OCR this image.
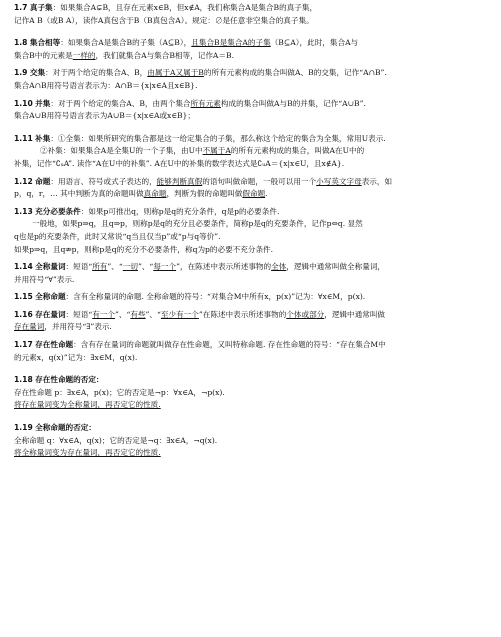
1.7 真子集：如果集合A⊊B，且存在元素x∈B，但x∉A，我们称集合A是集合B的真子集，
记作A B（或B A），读作A真包含于B（B真包含A）。规定：∅是任意非空集合的真子集。
1.8 集合相等：如果集合A是集合B的子集（A⊆B），且集合B是集合A的子集（B⊆A），此时，集合A与
集合B中的元素是一样的，我们就集合A与集合B相等，记作A＝B.
1.9 交集：对于两个给定的集合A、B，由属于A又属于B的所有元素构成的集合叫做A、B的交集，记作“A∩B”.
集合A∩B用符号语言表示为：A∩B＝{x|x∈A且x∈B}.
1.10 并集：对于两个给定的集合A、B，由两个集合所有元素构成的集合叫做A与B的并集，记作“A∪B”.
集合A∪B用符号语言表示为A∪B＝{x|x∈A或x∈B}；
1.11 补集：①全集：如果所研究的集合都是这一给定集合的子集，那么称这个给定的集合为全集，常用U表示.
②补集：如果集合A是全集U的一个子集，由U中不属于A的所有元素构成的集合，叫做A在U中的
补集，记作“∁ᵤA”. 读作“A在U中的补集”. A在U中的补集的数学表达式是∁ᵤA＝{x|x∈U，且x∉A}.
1.12 命题：用语言、符号或式子表达的，能够判断真假的语句叫做命题，一般可以用一个小写英文字母表示，如
p，q，r，… 其中判断为真的命题叫做真命题，判断为假的命题叫做假命题.
1.13 充分必要条件：如果p可推出q，则称p是q的充分条件，q是p的必要条件.
一般地，如果p⇒q，且q⇒p，则称p是q的充分且必要条件，简称p是q的充要条件，记作p⇔q. 显然
q也是p的充要条件，此时又常说“q当且仅当p”或“p与q等价”.
如果p⇒q，且q⇏p，则称p是q的充分不必要条件，称q为p的必要不充分条件.
1.14 全称量词：短语“所有”、“一切”、“每一个”，在陈述中表示所述事物的全体，逻辑中通常叫做全称量词，
并用符号“∀”表示.
1.15 全称命题：含有全称量词的命题. 全称命题的符号：“对集合M中所有x，p(x)”记为：∀x∈M，p(x).
1.16 存在量词：短语“有一个”、“有些”、“至少有一个”在陈述中表示所述事物的个体或部分，逻辑中通常叫做
存在量词，并用符号“∃”表示.
1.17 存在性命题：含有存在量词的命题就叫做存在性命题，又叫特称命题. 存在性命题的符号：“存在集合M中
的元素x，q(x)”记为：∃x∈M，q(x).
1.18 存在性命题的否定：
存在性命题 p：∃x∈A，p(x)；它的否定是¬p：∀x∈A，¬p(x).
将存在量词变为全称量词，再否定它的性质.
1.19 全称命题的否定：
全称命题 q：∀x∈A，q(x)；它的否定是¬q：∃x∈A，¬q(x).
将全称量词变为存在量词，再否定它的性质.
